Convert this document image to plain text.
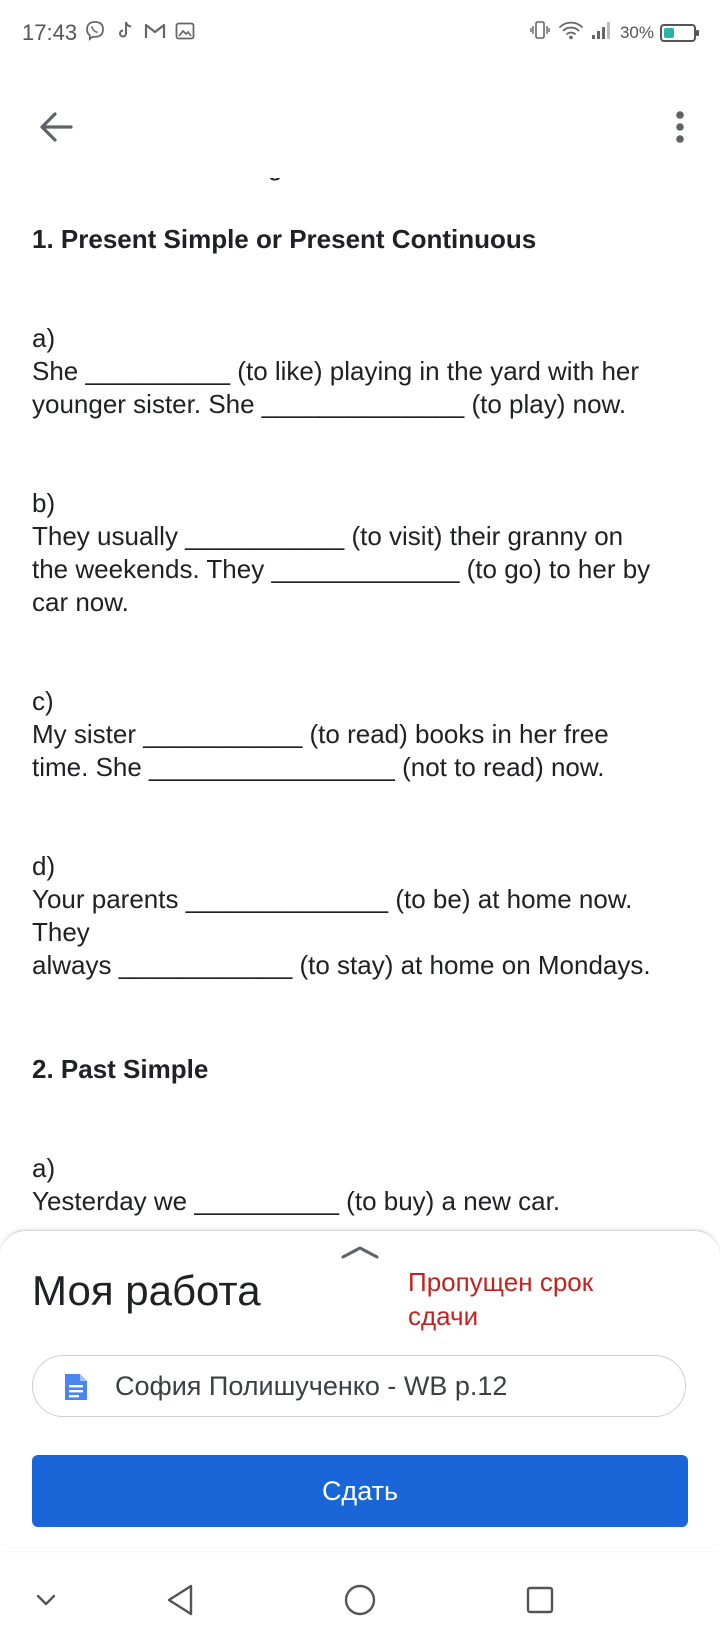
17:43	30%
1. Present Simple or Present Continuous
a)
She __________ (to like) playing in the yard with her
younger sister. She ______________ (to play) now.
b)
They usually ___________ (to visit) their granny on
the weekends. They _____________ (to go) to her by
car now.
c)
My sister ___________ (to read) books in her free
time. She _________________ (not to read) now.
d)
Your parents ______________ (to be) at home now.
They
always ____________ (to stay) at home on Mondays.
2. Past Simple
a)
Yesterday we __________ (to buy) a new car.
Моя работа	Пропущен срок сдачи
София Полишученко - WB p.12
Сдать
